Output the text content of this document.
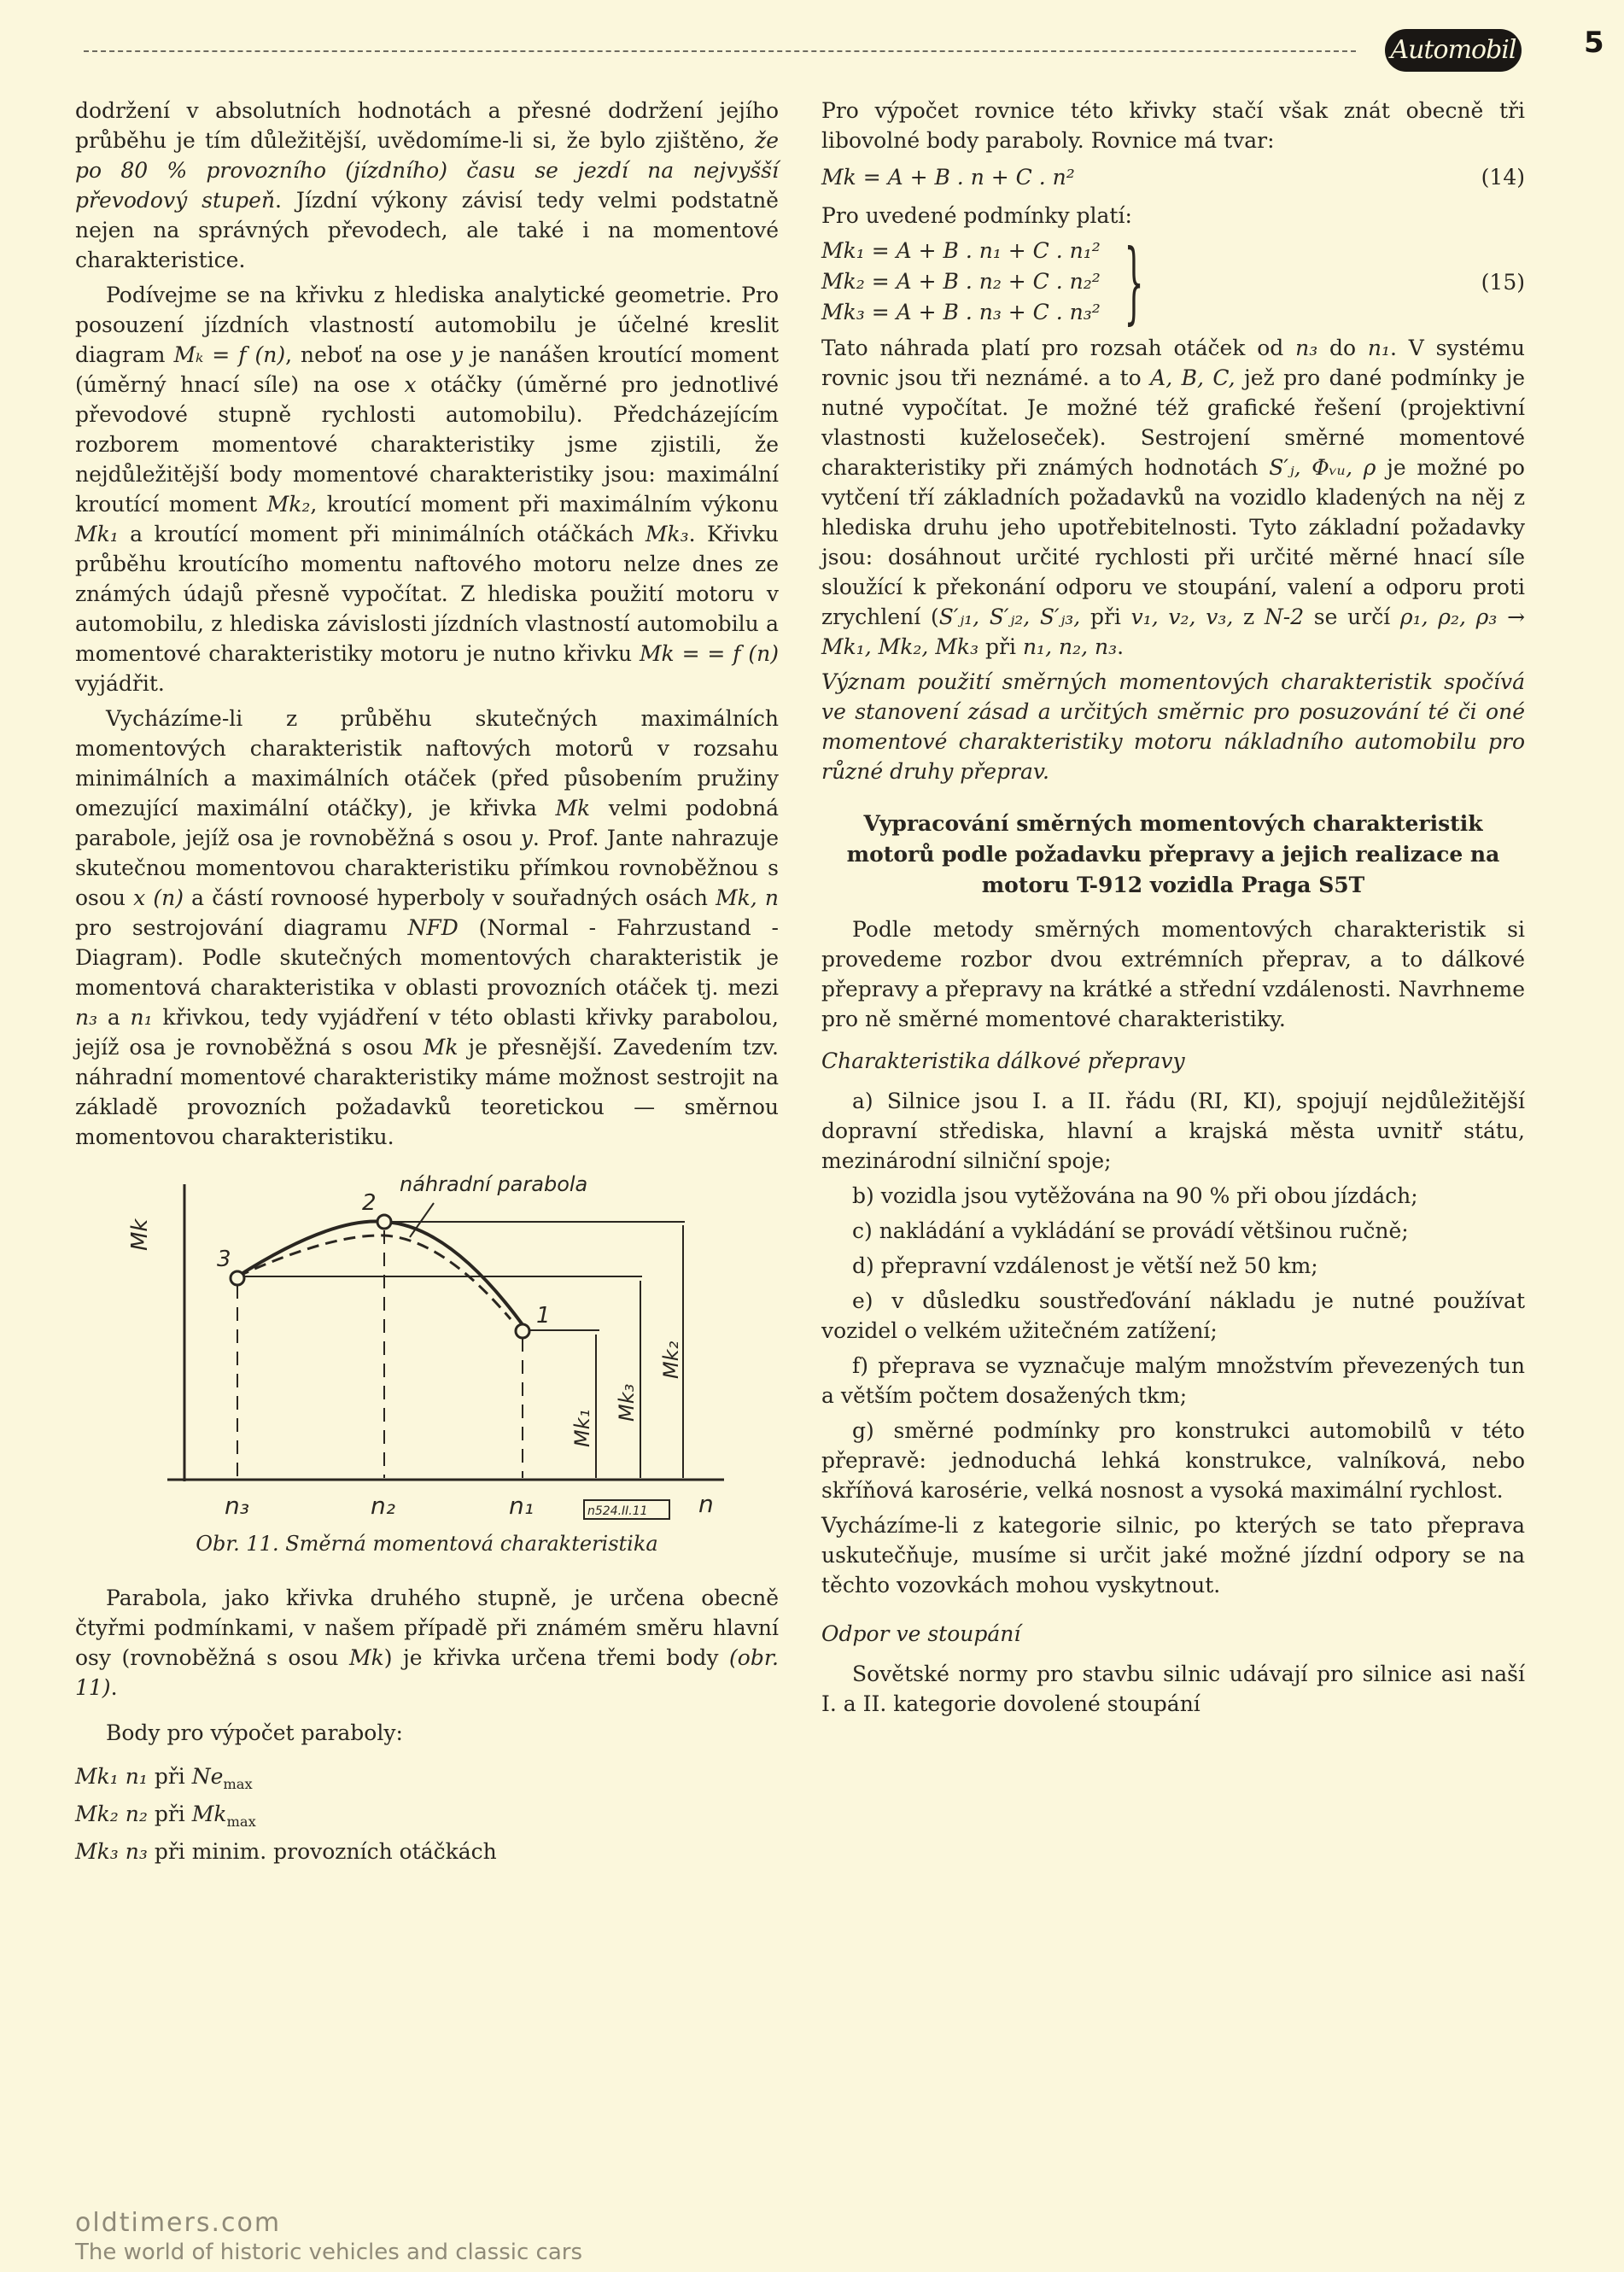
Automobil 5

dodržení v absolutních hodnotách a přesné dodržení jejího průběhu je tím důležitější, uvědomíme-li si, že bylo zjištěno, že po 80 % provozního (jízdního) času se jezdí na nejvyšší převodový stupeň. Jízdní výkony závisí tedy velmi podstatně nejen na správných převodech, ale také i na momentové charakteristice.

Podívejme se na křivku z hlediska analytické geometrie. Pro posouzení jízdních vlastností automobilu je účelné kreslit diagram Mₖ = f (n), neboť na ose y je nanášen kroutící moment (úměrný hnací síle) na ose x otáčky (úměrné pro jednotlivé převodové stupně rychlosti automobilu). Předcházejícím rozborem momentové charakteristiky jsme zjistili, že nejdůležitější body momentové charakteristiky jsou: maximální kroutící moment Mk₂, kroutící moment při maximálním výkonu Mk₁ a kroutící moment při minimálních otáčkách Mk₃. Křivku průběhu kroutícího momentu naftového motoru nelze dnes ze známých údajů přesně vypočítat. Z hlediska použití motoru v automobilu, z hlediska závislosti jízdních vlastností automobilu a momentové charakteristiky motoru je nutno křivku Mk = = f (n) vyjádřit.

Vycházíme-li z průběhu skutečných maximálních momentových charakteristik naftových motorů v rozsahu minimálních a maximálních otáček (před působením pružiny omezující maximální otáčky), je křivka Mk velmi podobná parabole, jejíž osa je rovnoběžná s osou y. Prof. Jante nahrazuje skutečnou momentovou charakteristiku přímkou rovnoběžnou s osou x (n) a částí rovnoosé hyperboly v souřadných osách Mk, n pro sestrojování diagramu NFD (Normal - Fahrzustand - Diagram). Podle skutečných momentových charakteristik je momentová charakteristika v oblasti provozních otáček tj. mezi n₃ a n₁ křivkou, tedy vyjádření v této oblasti křivky parabolou, jejíž osa je rovnoběžná s osou Mk je přesnější. Zavedením tzv. náhradní momentové charakteristiky máme možnost sestrojit na základě provozních požadavků teoretickou — směrnou momentovou charakteristiku.

náhradní parabola
Mk
3
2
1
n₃	n₂	n₁	n
Mk₁
Mk₃
Mk₂
n524.II.11
Obr. 11. Směrná momentová charakteristika

Parabola, jako křivka druhého stupně, je určena obecně čtyřmi podmínkami, v našem případě při známém směru hlavní osy (rovnoběžná s osou Mk) je křivka určena třemi body (obr. 11).

Body pro výpočet paraboly:

Mk₁ n₁ při $Ne_{max}$
Mk₂ n₂ při $Mk_{max}$
Mk₃ n₃ při minim. provozních otáčkách

Pro výpočet rovnice této křivky stačí však znát obecně tři libovolné body paraboly. Rovnice má tvar:

Mk = A + B . n + C . n²	(14)

Pro uvedené podmínky platí:

Mk₁ = A + B . n₁ + C . n₁²
Mk₂ = A + B . n₂ + C . n₂²
Mk₃ = A + B . n₃ + C . n₃² }	(15)

Tato náhrada platí pro rozsah otáček od n₃ do n₁. V systému rovnic jsou tři neznámé. a to A, B, C, jež pro dané podmínky je nutné vypočítat. Je možné též grafické řešení (projektivní vlastnosti kuželoseček). Sestrojení směrné momentové charakteristiky při známých hodnotách S′ⱼ, Φᵥᵤ, ρ je možné po vytčení tří základních požadavků na vozidlo kladených na něj z hlediska druhu jeho upotřebitelnosti. Tyto základní požadavky jsou: dosáhnout určité rychlosti při určité měrné hnací síle sloužící k překonání odporu ve stoupání, valení a odporu proti zrychlení (S′ⱼ₁, S′ⱼ₂, S′ⱼ₃, při v₁, v₂, v₃, z N-2 se určí ρ₁, ρ₂, ρ₃ → Mk₁, Mk₂, Mk₃ při n₁, n₂, n₃.

Význam použití směrných momentových charakteristik spočívá ve stanovení zásad a určitých směrnic pro posuzování té či oné momentové charakteristiky motoru nákladního automobilu pro různé druhy přeprav.

Vypracování směrných momentových charakteristik motorů podle požadavku přepravy a jejich realizace na motoru T-912 vozidla Praga S5T

Podle metody směrných momentových charakteristik si provedeme rozbor dvou extrémních přeprav, a to dálkové přepravy a přepravy na krátké a střední vzdálenosti. Navrhneme pro ně směrné momentové charakteristiky.

Charakteristika dálkové přepravy

a) Silnice jsou I. a II. řádu (RI, KI), spojují nejdůležitější dopravní střediska, hlavní a krajská města uvnitř státu, mezinárodní silniční spoje;

b) vozidla jsou vytěžována na 90 % při obou jízdách;

c) nakládání a vykládání se provádí většinou ručně;

d) přepravní vzdálenost je větší než 50 km;

e) v důsledku soustřeďování nákladu je nutné používat vozidel o velkém užitečném zatížení;

f) přeprava se vyznačuje malým množstvím převezených tun a větším počtem dosažených tkm;

g) směrné podmínky pro konstrukci automobilů v této přepravě: jednoduchá lehká konstrukce, valníková, nebo skříňová karosérie, velká nosnost a vysoká maximální rychlost.

Vycházíme-li z kategorie silnic, po kterých se tato přeprava uskutečňuje, musíme si určit jaké možné jízdní odpory se na těchto vozovkách mohou vyskytnout.

Odpor ve stoupání

Sovětské normy pro stavbu silnic udávají pro silnice asi naší I. a II. kategorie dovolené stoupání

oldtimers.com
The world of historic vehicles and classic cars
